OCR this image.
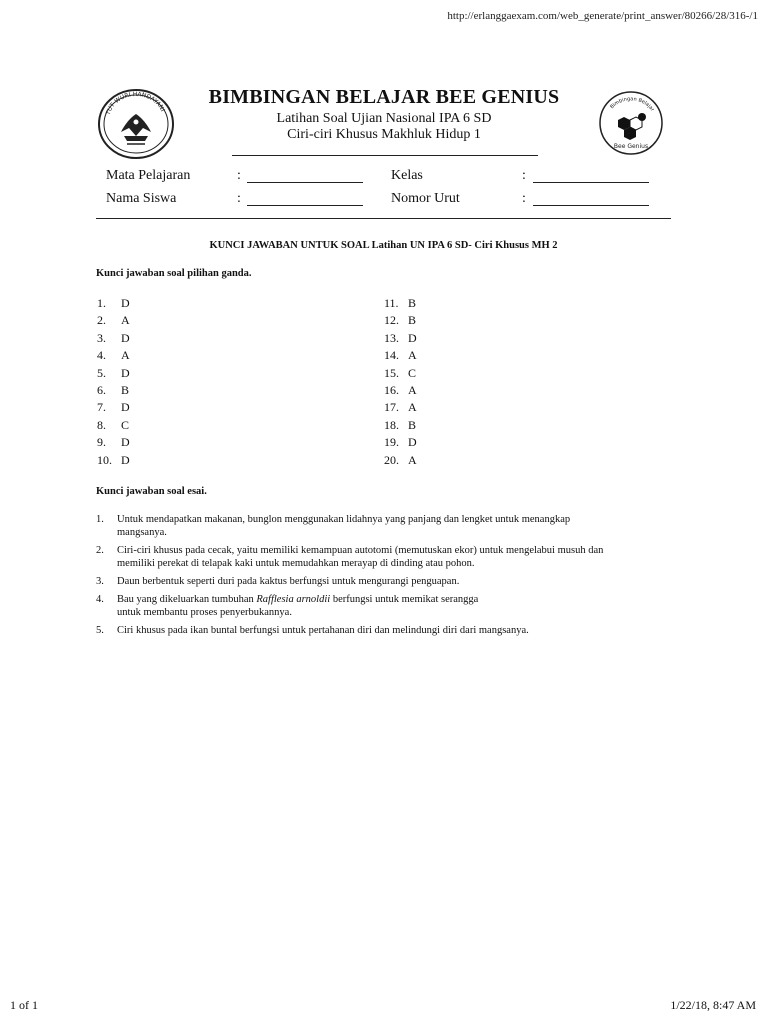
http://erlanggaexam.com/web_generate/print_answer/80266/28/316-/1
TUT WURI HANDAYANI
BIMBINGAN BELAJAR BEE GENIUS
Latihan Soal Ujian Nasional IPA 6 SD
Ciri-ciri Khusus Makhluk Hidup 1
Bimbingan Belajar
Bee Genius
Mata Pelajaran	:	Kelas	:
Nama Siswa	:	Nomor Urut	:
KUNCI JAWABAN UNTUK SOAL Latihan UN IPA 6 SD- Ciri Khusus MH 2
Kunci jawaban soal pilihan ganda.
1. D
2. A
3. D
4. A
5. D
6. B
7. D
8. C
9. D
10. D
11. B
12. B
13. D
14. A
15. C
16. A
17. A
18. B
19. D
20. A
Kunci jawaban soal esai.
1. Untuk mendapatkan makanan, bunglon menggunakan lidahnya yang panjang dan lengket untuk menangkap
mangsanya.
2. Ciri-ciri khusus pada cecak, yaitu memiliki kemampuan autotomi (memutuskan ekor) untuk mengelabui musuh dan
memiliki perekat di telapak kaki untuk memudahkan merayap di dinding atau pohon.
3. Daun berbentuk seperti duri pada kaktus berfungsi untuk mengurangi penguapan.
4. Bau yang dikeluarkan tumbuhan Rafflesia arnoldii berfungsi untuk memikat serangga
untuk membantu proses penyerbukannya.
5. Ciri khusus pada ikan buntal berfungsi untuk pertahanan diri dan melindungi diri dari mangsanya.
1 of 1	1/22/18, 8:47 AM
